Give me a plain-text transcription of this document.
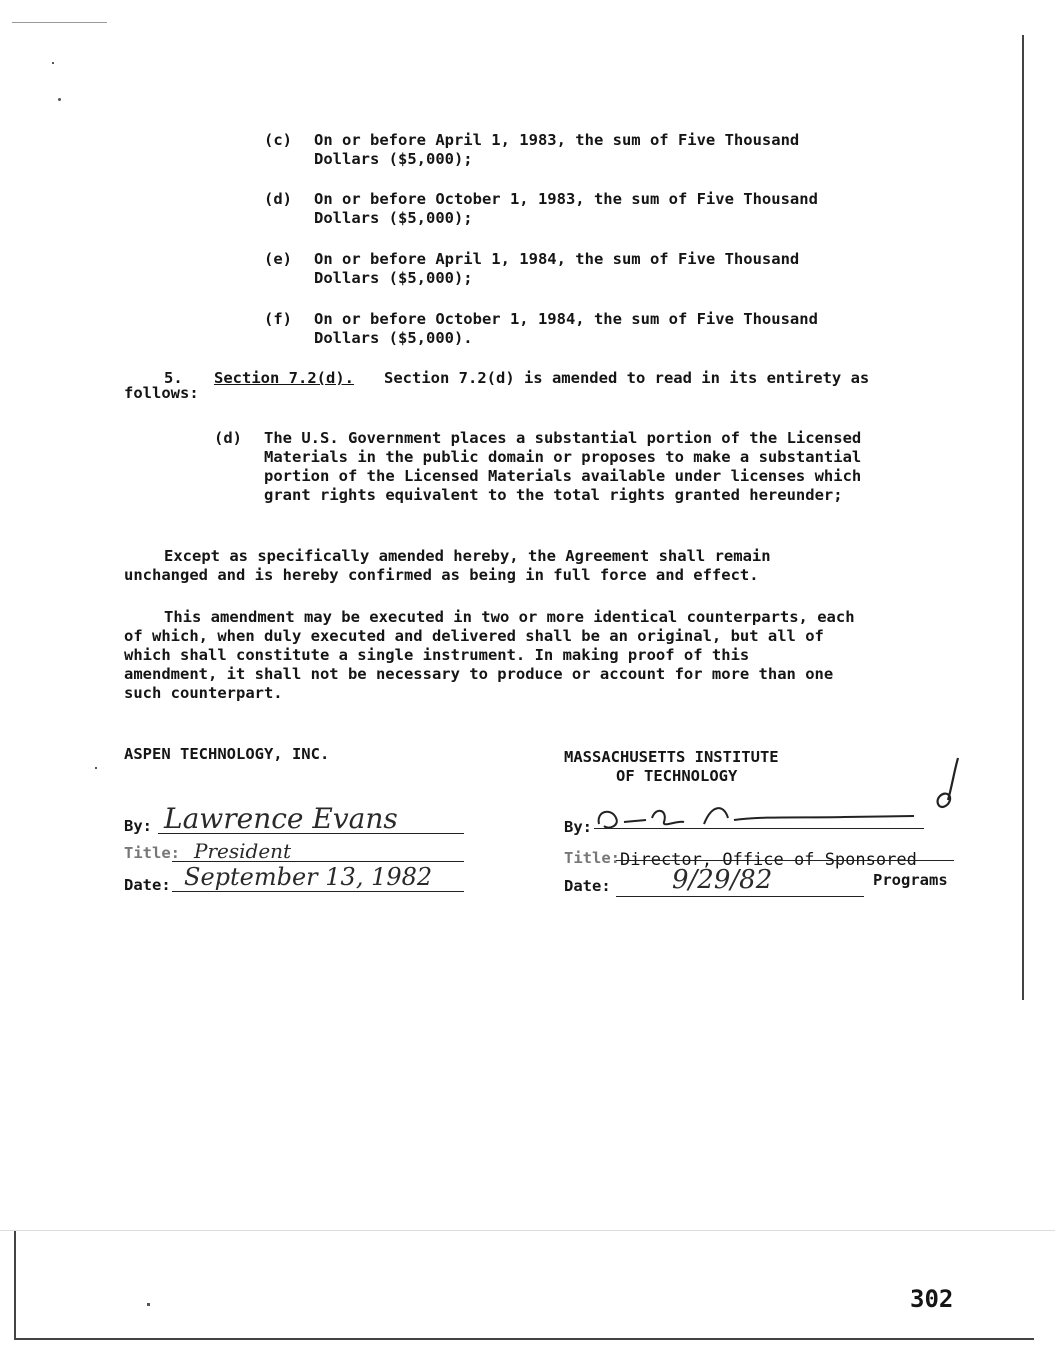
(c) On or before April 1, 1983, the sum of Five Thousand
Dollars ($5,000);
(d) On or before October 1, 1983, the sum of Five Thousand
Dollars ($5,000);
(e) On or before April 1, 1984, the sum of Five Thousand
Dollars ($5,000);
(f) On or before October 1, 1984, the sum of Five Thousand
Dollars ($5,000).
5. Section 7.2(d). Section 7.2(d) is amended to read in its entirety as
follows:
(d) The U.S. Government places a substantial portion of the Licensed
Materials in the public domain or proposes to make a substantial
portion of the Licensed Materials available under licenses which
grant rights equivalent to the total rights granted hereunder;
Except as specifically amended hereby, the Agreement shall remain
unchanged and is hereby confirmed as being in full force and effect.
This amendment may be executed in two or more identical counterparts, each
of which, when duly executed and delivered shall be an original, but all of
which shall constitute a single instrument. In making proof of this
amendment, it shall not be necessary to produce or account for more than one
such counterpart.
ASPEN TECHNOLOGY, INC.
By: Lawrence Evans
Title: President
Date: September 13, 1982
MASSACHUSETTS INSTITUTE
OF TECHNOLOGY
By:
Title: Director, Office of Sponsored
Programs
Date: 9/29/82
302
